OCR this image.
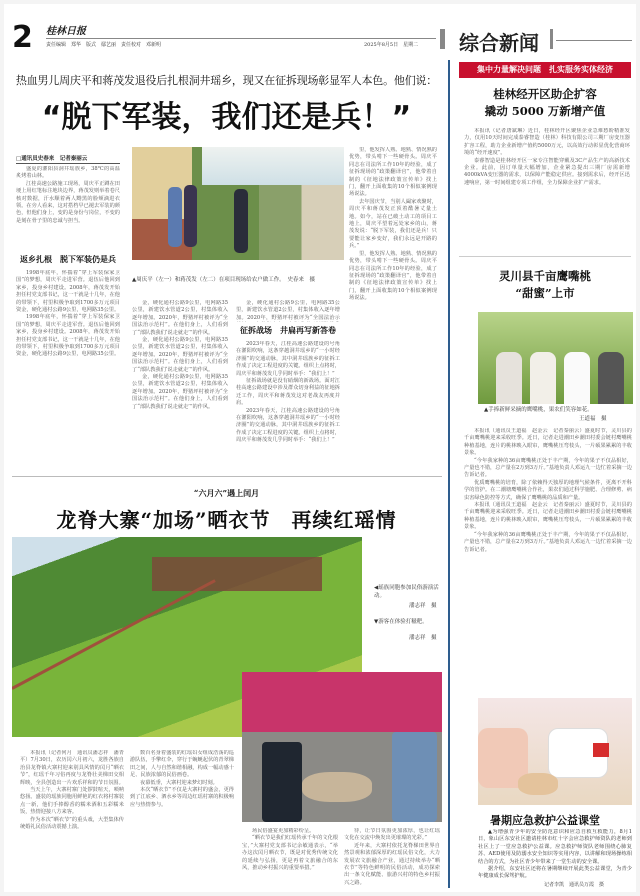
2 桂林日报
责任编辑　郑华　版式　鄢艺丽　责任校对　邓新明	2025年8月5日　星期二 综合新闻
热血男儿周庆平和蒋茂发退役后扎根洞井瑶乡，现又在征拆现场彰显军人本色。他们说：
“脱下军装，我们还是兵！”
□通讯员史春来　记者秦丽云

盛夏的灌阳县洞井瑶族乡，38℃的高温炙烤着山林。

江桂高速公路施工现场，周庆平正蹲在田埂上用红笔标注地块边界，蒋茂发则举着卷尺核对数据，汗水顺着两人黝黑的脸颊滴进衣领。在旁人看来，这对搭档早已褪去军装的颜色，但他们身上，变的是身份与岗位，不变的是刻在骨子里的忠诚与担当。

返乡扎根　脱下军装仍是兵

1998年底年，怀揣着“穿上军装保家卫国”的梦想，周庆平走进军营。退伍后他回到家乡，投身乡村建设。2008年，蒋茂发开始担任村党支部书记，这一干就是十几年，在他的带领下，村里积极争取到1700多万元项目资金，硬化通村公路9公里，电网路35公里。

1998年底年，怀揣着“穿上军装保家卫国”的梦想，周庆平走进军营。退伍后他回到家乡，投身乡村建设。2008年，蒋茂发开始担任村党支部书记，这一干就是十几年，在他的带领下，村里积极争取到1700多万元项目资金，硬化通村公路9公里，电网路35公里。

▲周庆平（左一）和蒋茂发（左二）在项目现场给农户做工作。　史春来　摄

里，他发挥人熟、地熟、情况熟的优势，带头啃下一些硬骨头。周庆平同志在司法所工作10年的经验，成了征拆现场的“政策翻译官”，他带着自制的《征地法律政策宣传单》找上门，翻开上面收集的10个相似案例现场说法。

去年国庆节，当别人阖家欢聚时，周庆平和蒋茂发正顶着酷暑丈量土地。如今，站在已破土动工的项目工地上，周庆平望着远处家乡的山，蒋茂发说：“脱下军装，我们还是兵！只要能让家乡变好，我们永远是开路的兵。”

里，他发挥人熟、地熟、情况熟的优势，带头啃下一些硬骨头。周庆平同志在司法所工作10年的经验，成了征拆现场的“政策翻译官”，他带着自制的《征地法律政策宣传单》找上门，翻开上面收集的10个相似案例现场说法。

金，硬化通村公路9公里，电网路35公里，新建饮水管道2公里，村集体收入逐年增加。2020年，野猪坪村被评为“全国法治示范村”。在他们身上，人们看到了“部队教我们‘说走就走’”的作风。

金，硬化通村公路9公里，电网路35公里，新建饮水管道2公里，村集体收入逐年增加。2020年，野猪坪村被评为“全国法治示范村”。在他们身上，人们看到了“部队教我们‘说走就走’”的作风。

金，硬化通村公路9公里，电网路35公里，新建饮水管道2公里，村集体收入逐年增加。2020年，野猪坪村被评为“全国法治示范村”。在他们身上，人们看到了“部队教我们‘说走就走’”的作风。

金，硬化通村公路9公里，电网路35公里，新建饮水管道2公里，村集体收入逐年增加。2020年，野猪坪村被评为“全国法治示

征拆战场　井扁再写新答卷

2023年春天，江桂高速公路建设的号角在灌阳吹响，这条穿越洞井瑶乡的“一小时经济圈”的交通动脉，其中洞井瑶族乡的征拆工作成了决定工程进度的关键。组织上点将时，周庆平和蒋茂发几乎同时举手：“我们上！”

征拆战场就是没有硝烟的新战场。面对江桂高速公路建设中涉及群众切身利益的征地拆迁工作，周庆平和蒋茂发这对老战友再度并肩。

2023年春天，江桂高速公路建设的号角在灌阳吹响，这条穿越洞井瑶乡的“一小时经济圈”的交通动脉，其中洞井瑶族乡的征拆工作成了决定工程进度的关键。组织上点将时，周庆平和蒋茂发几乎同时举手：“我们上！”

“六月六”遇上闰月
龙脊大寨“加场”晒衣节　再续红瑶情
◀瑶族同胞参加民俗游演活动。
潘志祥　摄
▼游客在体验打糍粑。
潘志祥　摄

本报讯（记者何月　通讯员潘志祥　潘青平）7月30日，农历闰六月初六，龙胜各族自治县龙脊镇大寨村迎来别具风情的闰月“晒衣节”，红瑶千年习俗再度与龙脊壮美梯田交相辉映，全县创造出一片欢乐祥和的节日氛围。

当天上午，大寨村寨门处锣鼓喧天，唢呐悠扬。盛装的瑶族同胞用鲜艳的红衣将村寨装点一新，他们手捧醇香的糯米酒和五彩糯米饭，热情迎接八方来客。

作为本次“晒衣节”的重头戏，大型集体传统婚礼民俗活动震撼上演。

数百名身着盛装的红瑶妇女组成浩荡的巡游队伍，手擎红伞，穿行于蜿蜒起伏的青翠梯田之间，人与自然和谐相融，构成一幅动感十足、民族浓郁的民俗画卷。

夜幕低垂，大寨村迎来梦幻时刻。

本次“晒衣节”不仅是大寨村的盛会，更得到了江底乡、泗水乡等周边红瑶村寨的积极响应与热情参与。

场民俗盛宴更加精彩纷呈。

“晒衣节是我们红瑶传承千年的文化根宝，”大寨村党支部书记余敏通表示，“举办这次闰月晒衣节，既是对优秀传统文化的延续与弘扬，更是再着文旅融合的东风，推动乡村振兴的重要举措。”

待，让节日氛围更加浓厚，也让红瑶文化在交流中焕发出更璀璨的光彩。”

近年来，大寨村依托龙脊梯田世界自然景观和浓郁深厚的红瑶民俗文化，大力发展农文旅融合产业，通过持续举办“晒衣节”等特色鲜明的民俗活动，成功探索出一条文化赋能、旅游兴村的特色乡村振兴之路。

集中力量解决问题　扎实服务实体经济
桂林经开区助企扩容
撬动 5000 万新增产值

本报讯（记者唐斌琳）近日，桂林经开区聚焦企业急难愁盼精准发力，仅用10天时间完成泰睿智造（桂林）科技有限公司三期厂房变压器扩容工程，助力企业新增产值约5000万元，以高效行动彰显优化营商环境的“经开速度”。

泰睿智造是桂林经开区一家专注智能穿戴及3C产品生产的高新技术企业。此前，因订单量大幅增加，企业紧急提出三期厂房需新增4000kVA变压器的需求，以保障产能稳定供应。接到需求后，经开区迅速响应，第一时间组建专项工作组，全力保障企业扩产需求。

灵川县千亩鹰嘴桃
“甜蜜”上市
▲手捧新鲜采摘的鹰嘴桃，果农们笑容如花。
王道福　摄

本报讯（通讯员王道福　赵金云　记者秦丽云）盛夏时节，灵川县的千亩鹰嘴桃迎来采收旺季。近日，记者走进潮田乡潮田村委会链村鹰嘴桃种植基地，连片的桃林映入眼帘，鹰嘴桃压弯枝头，一片硕果累累的丰收景象。

“今年我家种的36亩鹰嘴桃正处于丰产期，今年的果子不仅品相好，产量也不错，总产量在2万到3万斤。”基地负责人邓运九一边忙着采摘一边告诉记者。

优质鹰嘴桃的培育，除了依赖得天独厚的地理气候条件，更离不开科学的管护。在二潮塘鹰嘴桃合作社，果农们通过科学施肥、合理修剪、病虫害绿色防控等方式，确保了鹰嘴桃的品质和产量。

本报讯（通讯员王道福　赵金云　记者秦丽云）盛夏时节，灵川县的千亩鹰嘴桃迎来采收旺季。近日，记者走进潮田乡潮田村委会链村鹰嘴桃种植基地，连片的桃林映入眼帘，鹰嘴桃压弯枝头，一片硕果累累的丰收景象。

“今年我家种的36亩鹰嘴桃正处于丰产期，今年的果子不仅品相好，产量也不错，总产量在2万到3万斤。”基地负责人邓运九一边忙着采摘一边告诉记者。

暑期应急救护公益课堂

▲为增强青少年的安全防范意识和应急自救互救能力，8月1日，象山区东安社区邀请桂林市红十字会应急救护师资队的老师到社区上了一堂应急救护公益课。应急救护师资队老师围绕心肺复苏、AED使用及防溺水安全知识等实用内容，以讲解和现场操练相结合的方式，为社区青少年带来了一堂生动的安全课。

据介绍，东安社区还将在暑期继续开展此类公益课堂，为青少年健康成长保驾护航。

记者李凯　通讯员万霞　摄
